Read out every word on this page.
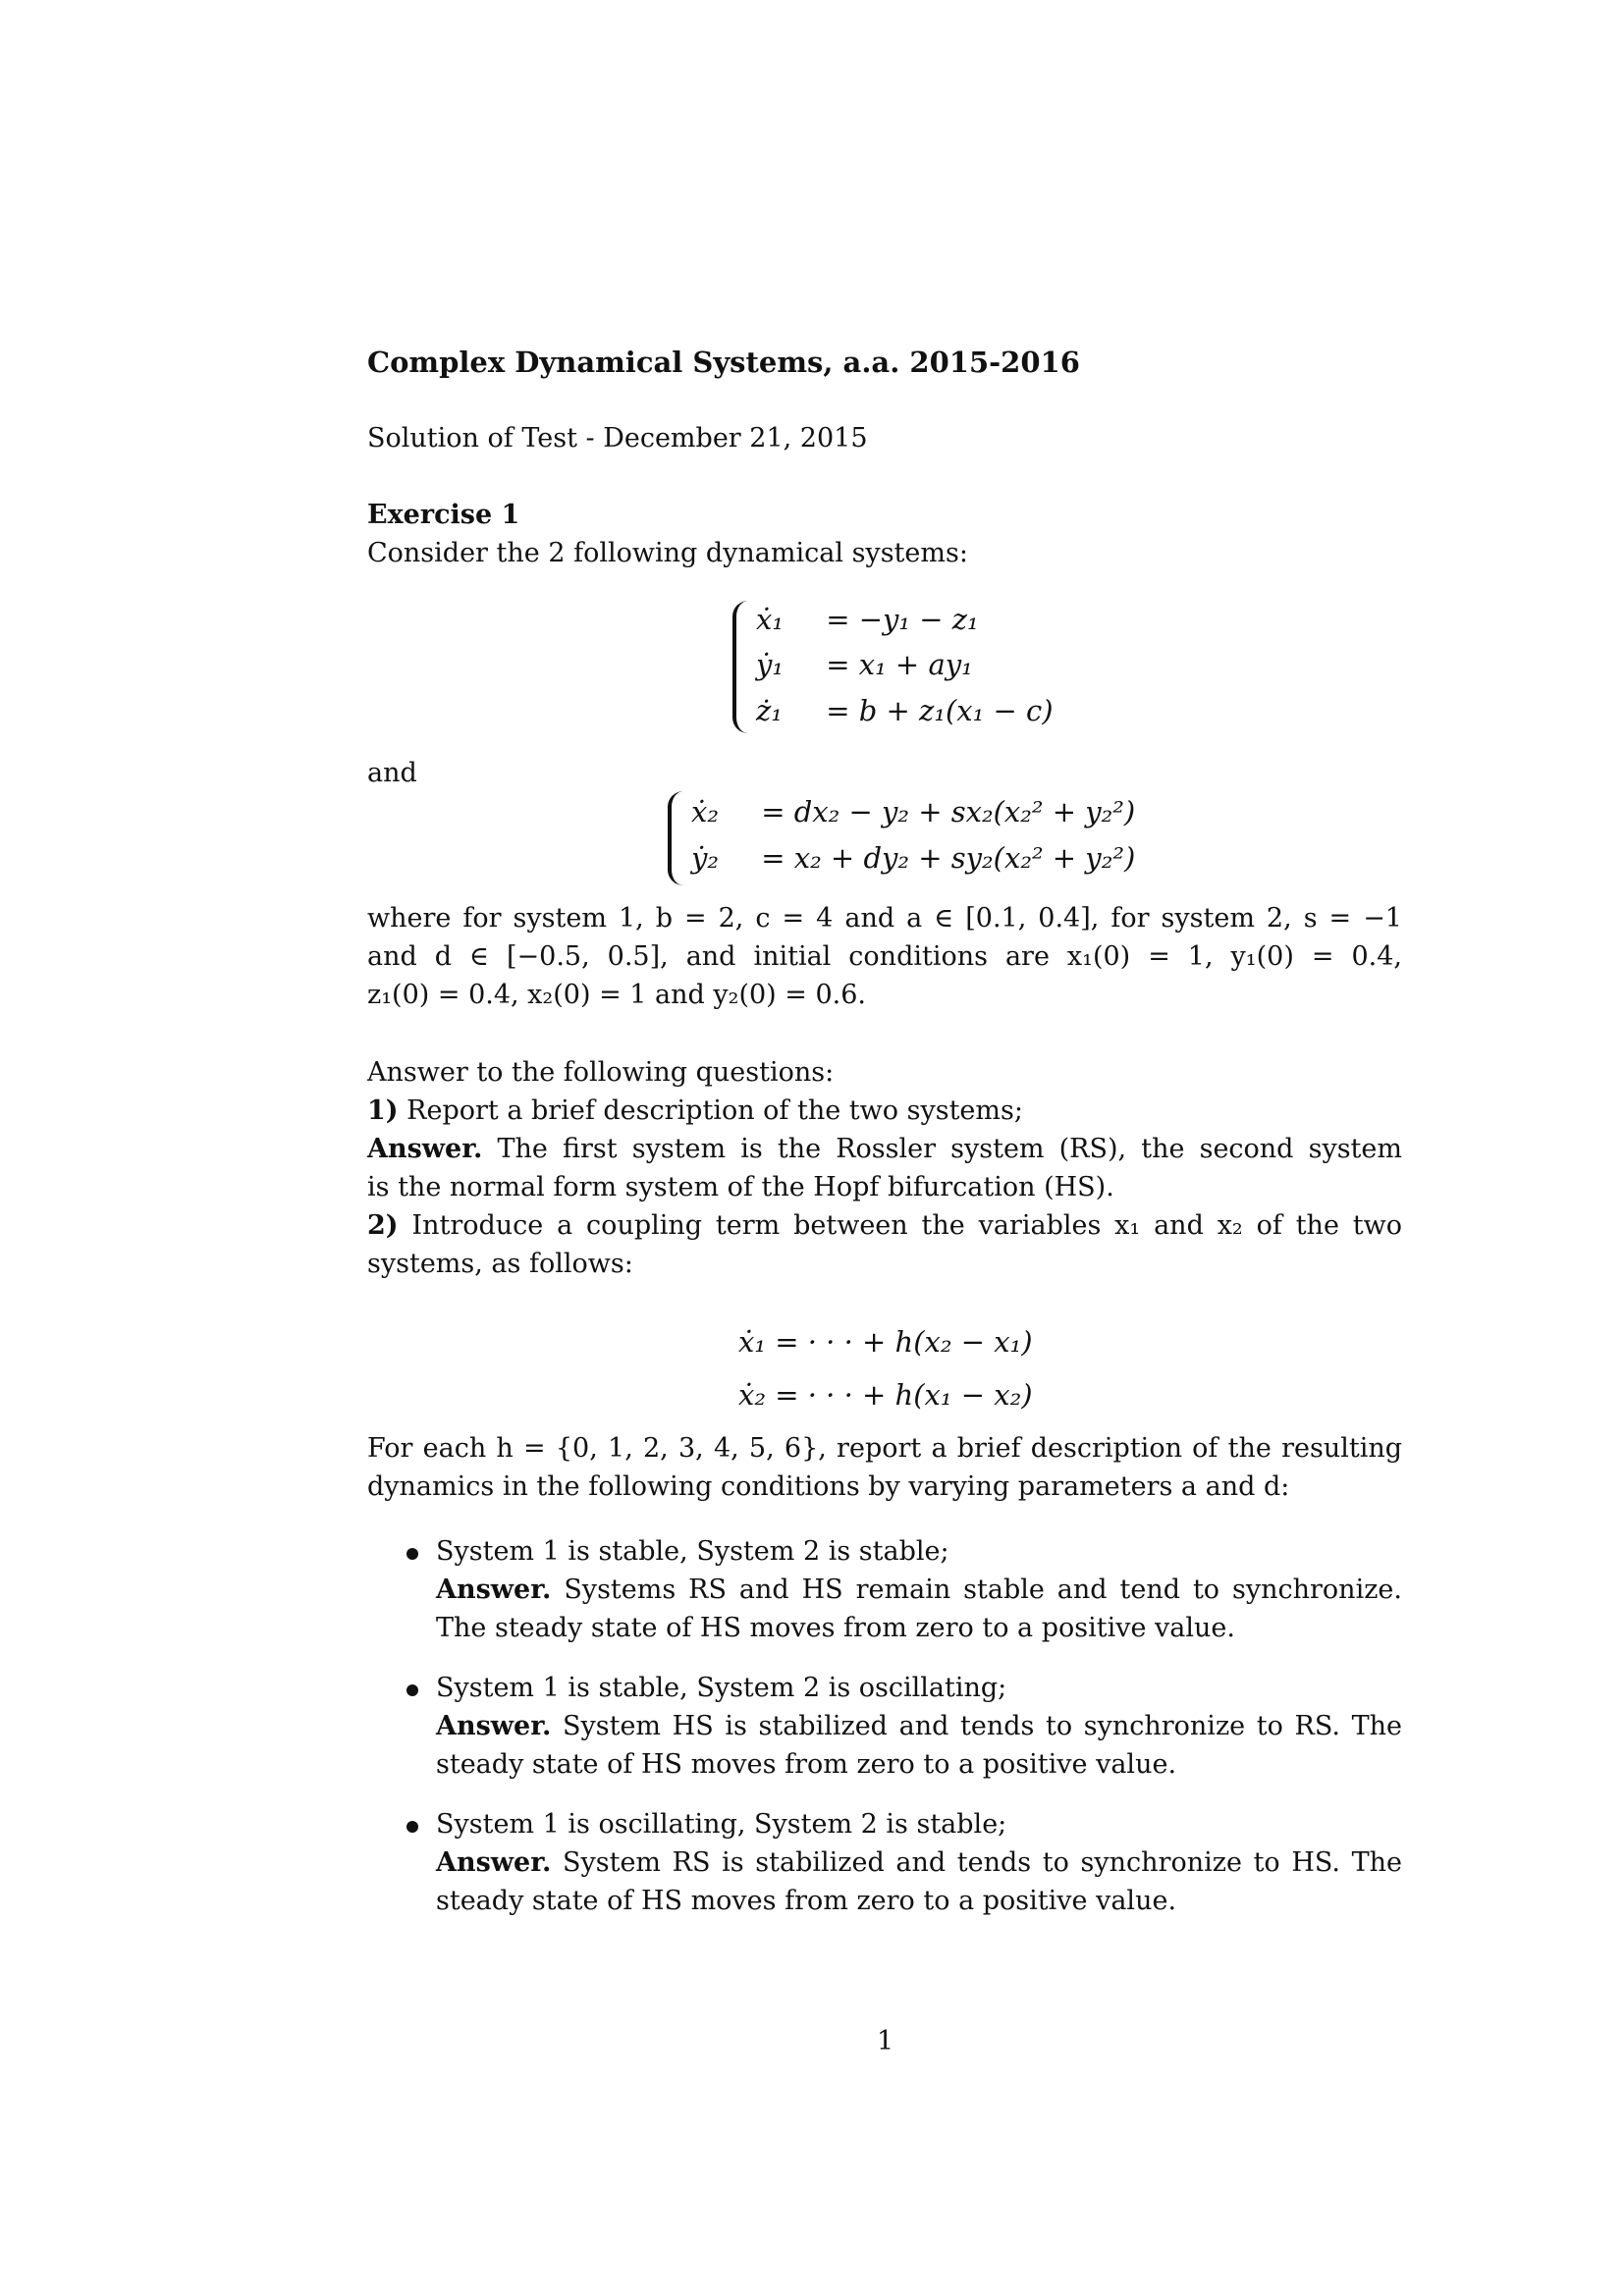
Complex Dynamical Systems, a.a. 2015-2016
Solution of Test - December 21, 2015
Exercise 1
Consider the 2 following dynamical systems:
ẋ₁ = −y₁ − z₁
ẏ₁ = x₁ + ay₁
ż₁ = b + z₁(x₁ − c)
and
ẋ₂ = dx₂ − y₂ + sx₂(x₂² + y₂²)
ẏ₂ = x₂ + dy₂ + sy₂(x₂² + y₂²)
where for system 1, b = 2, c = 4 and a ∈ [0.1, 0.4], for system 2, s = −1
and d ∈ [−0.5, 0.5], and initial conditions are x₁(0) = 1, y₁(0) = 0.4,
z₁(0) = 0.4, x₂(0) = 1 and y₂(0) = 0.6.
Answer to the following questions:
1) Report a brief description of the two systems;
Answer. The first system is the Rossler system (RS), the second system
is the normal form system of the Hopf bifurcation (HS).
2) Introduce a coupling term between the variables x₁ and x₂ of the two
systems, as follows:
ẋ₁ = · · · + h(x₂ − x₁)
ẋ₂ = · · · + h(x₁ − x₂)
For each h = {0, 1, 2, 3, 4, 5, 6}, report a brief description of the resulting
dynamics in the following conditions by varying parameters a and d:
System 1 is stable, System 2 is stable;
Answer. Systems RS and HS remain stable and tend to synchronize.
The steady state of HS moves from zero to a positive value.
System 1 is stable, System 2 is oscillating;
Answer. System HS is stabilized and tends to synchronize to RS. The
steady state of HS moves from zero to a positive value.
System 1 is oscillating, System 2 is stable;
Answer. System RS is stabilized and tends to synchronize to HS. The
steady state of HS moves from zero to a positive value.
1
